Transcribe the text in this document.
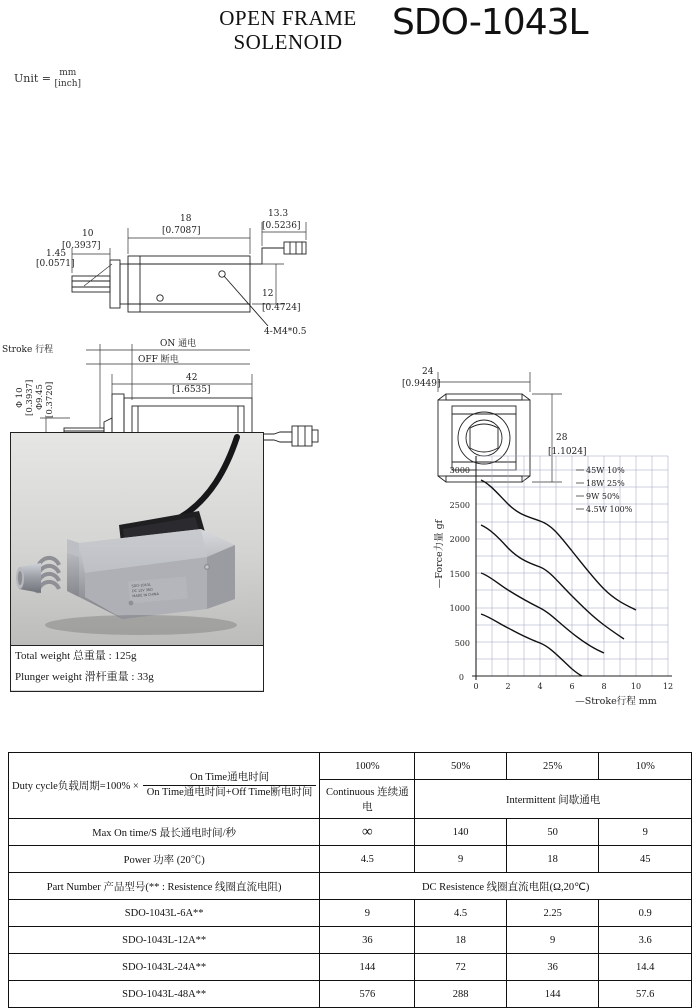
OPEN FRAME
SOLENOID	SDO-1043L
Unit = mm
[inch]
10
[0.3937]
1.45
[0.0571]
18
[0.7087]
13.3
[0.5236]
12
[0.4724]
4-M4*0.5
Stroke 行程
ON 通电
OFF 断电
42
[1.6535]
24
[0.9449]
28
[1.1024]
Φ 10 [0.3937] Φ9.45 [0.3720]
SDO-1043L
DC 12V 36Ω
MADE IN CHINA
Total weight 总重量 : 125g
Plunger weight 滑杆重量 : 33g	0
500
1000
1500
2000
2500
3000
0	2	4	6	8	10	12
45W 10%
18W 25%
9W 50%
4.5W 100%
—Stroke行程 mm
—Force力量 gf
Duty cycle负载周期$=100\% \times \frac{\text{On Time通电时间}}{\text{On Time通电时间+Off Time断电时间}}$	100%	50%	25%	10%
	Continuous 连续通电	Intermittent 间歇通电		
Max On time/S 最长通电时间/秒	∞	140	50	9
Power 功率 (20℃)	4.5	9	18	45
Part Number 产品型号(** : Resistence 线圈直流电阻)	DC Resistence 线圈直流电阻(Ω,20℃)			
SDO-1043L-6A**	9	4.5	2.25	0.9
SDO-1043L-12A**	36	18	9	3.6
SDO-1043L-24A**	144	72	36	14.4
SDO-1043L-48A**	576	288	144	57.6
